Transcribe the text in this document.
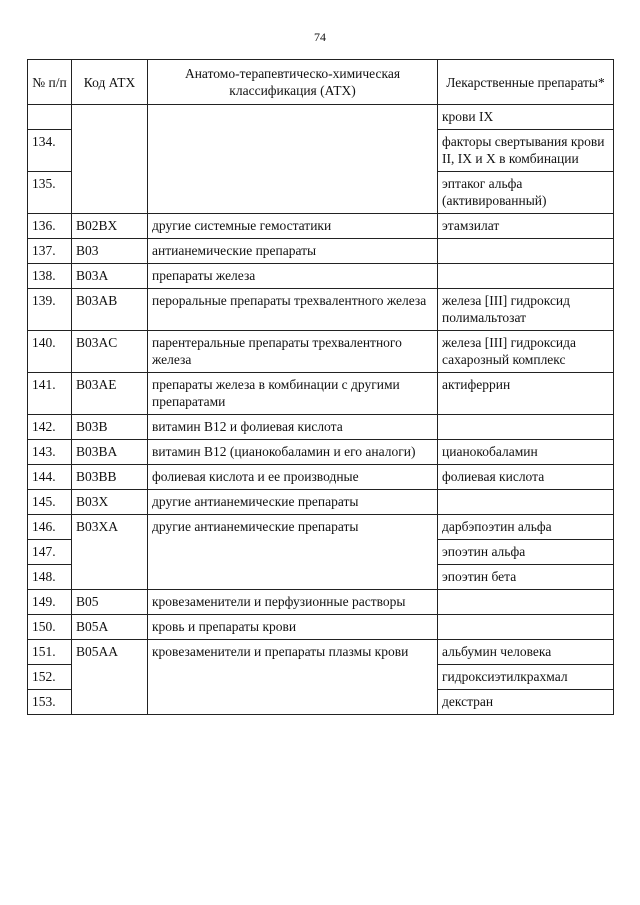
74
№ п/п	Код АТХ	Анатомо-терапевтическо-химическая классификация (АТХ)	Лекарственные препараты*
			крови IX
134.			факторы свертывания крови II, IX и X в комбинации
135.			эптаког альфа (активированный)
136.	B02BX	другие системные гемостатики	этамзилат
137.	B03	антианемические препараты	
138.	B03A	препараты железа	
139.	B03AB	пероральные препараты трехвалентного железа	железа [III] гидроксид полимальтозат
140.	B03AC	парентеральные препараты трехвалентного железа	железа [III] гидроксида сахарозный комплекс
141.	B03AE	препараты железа в комбинации с другими препаратами	актиферрин
142.	B03B	витамин B12 и фолиевая кислота	
143.	B03BA	витамин B12 (цианокобаламин и его аналоги)	цианокобаламин
144.	B03BB	фолиевая кислота и ее производные	фолиевая кислота
145.	B03X	другие антианемические препараты	
146.	B03XA	другие антианемические препараты	дарбэпоэтин альфа
147.			эпоэтин альфа
148.			эпоэтин бета
149.	B05	кровезаменители и перфузионные растворы	
150.	B05A	кровь и препараты крови	
151.	B05AA	кровезаменители и препараты плазмы крови	альбумин человека
152.			гидроксиэтилкрахмал
153.			декстран
